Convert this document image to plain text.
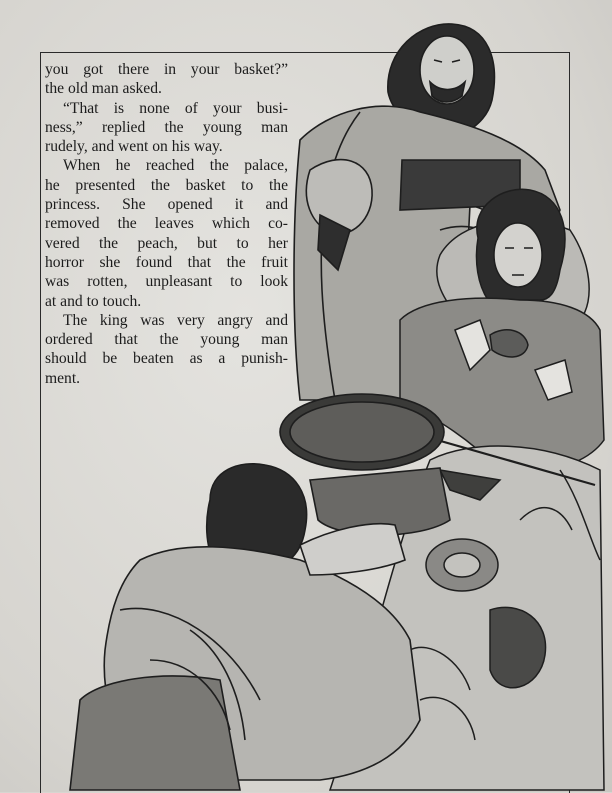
you got there in your basket?”
the old man asked.

“That is none of your busi-
ness,” replied the young man
rudely, and went on his way.

When he reached the palace,
he presented the basket to the
princess. She opened it and
removed the leaves which co-
vered the peach, but to her
horror she found that the fruit
was rotten, unpleasant to look
at and to touch.

The king was very angry and
ordered that the young man
should be beaten as a punish-
ment.
